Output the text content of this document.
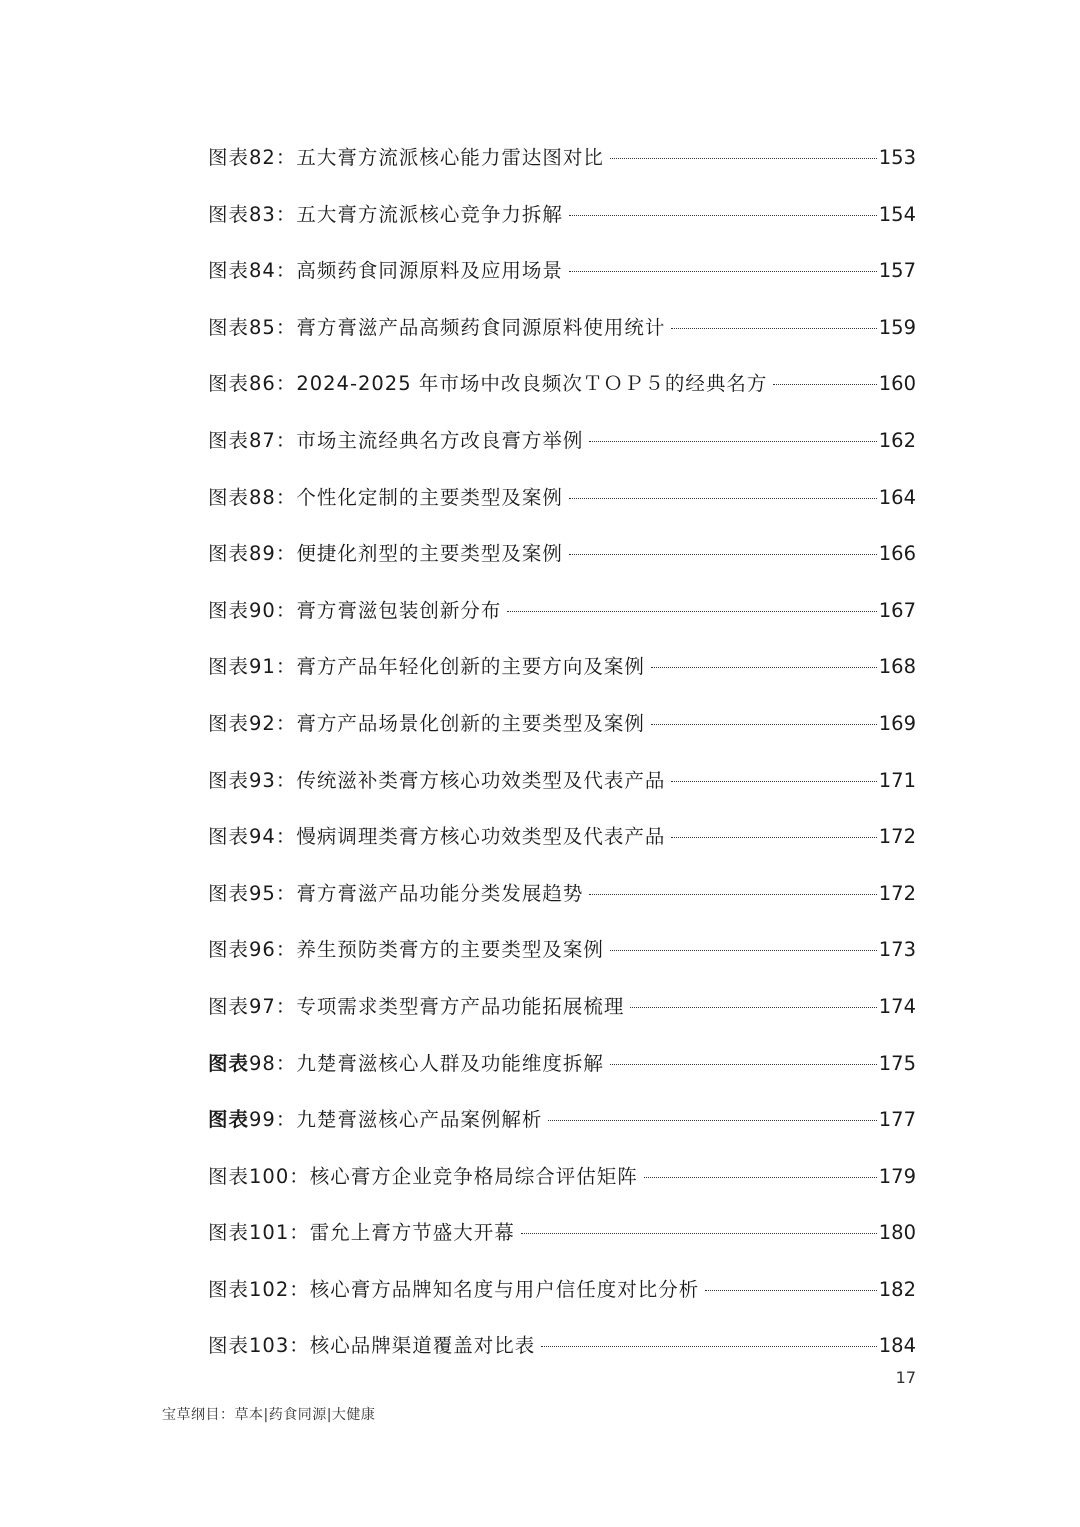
图表 82：五大膏方流派核心能力雷达图对比	153
图表 83：五大膏方流派核心竞争力拆解	154
图表 84：高频药食同源原料及应用场景	157
图表 85：膏方膏滋产品高频药食同源原料使用统计	159
图表 86：2024-2025 年市场中改良频次ＴＯＰ５的经典名方	160
图表 87：市场主流经典名方改良膏方举例	162
图表 88：个性化定制的主要类型及案例	164
图表 89：便捷化剂型的主要类型及案例	166
图表 90：膏方膏滋包装创新分布	167
图表 91：膏方产品年轻化创新的主要方向及案例	168
图表 92：膏方产品场景化创新的主要类型及案例	169
图表 93：传统滋补类膏方核心功效类型及代表产品	171
图表 94：慢病调理类膏方核心功效类型及代表产品	172
图表 95：膏方膏滋产品功能分类发展趋势	172
图表 96：养生预防类膏方的主要类型及案例	173
图表 97：专项需求类型膏方产品功能拓展梳理	174
图表 98：九楚膏滋核心人群及功能维度拆解	175
图表 99：九楚膏滋核心产品案例解析	177
图表 100：核心膏方企业竞争格局综合评估矩阵	179
图表 101：雷允上膏方节盛大开幕	180
图表 102：核心膏方品牌知名度与用户信任度对比分析	182
图表 103：核心品牌渠道覆盖对比表	184
17
宝草纲目：草本|药食同源|大健康
